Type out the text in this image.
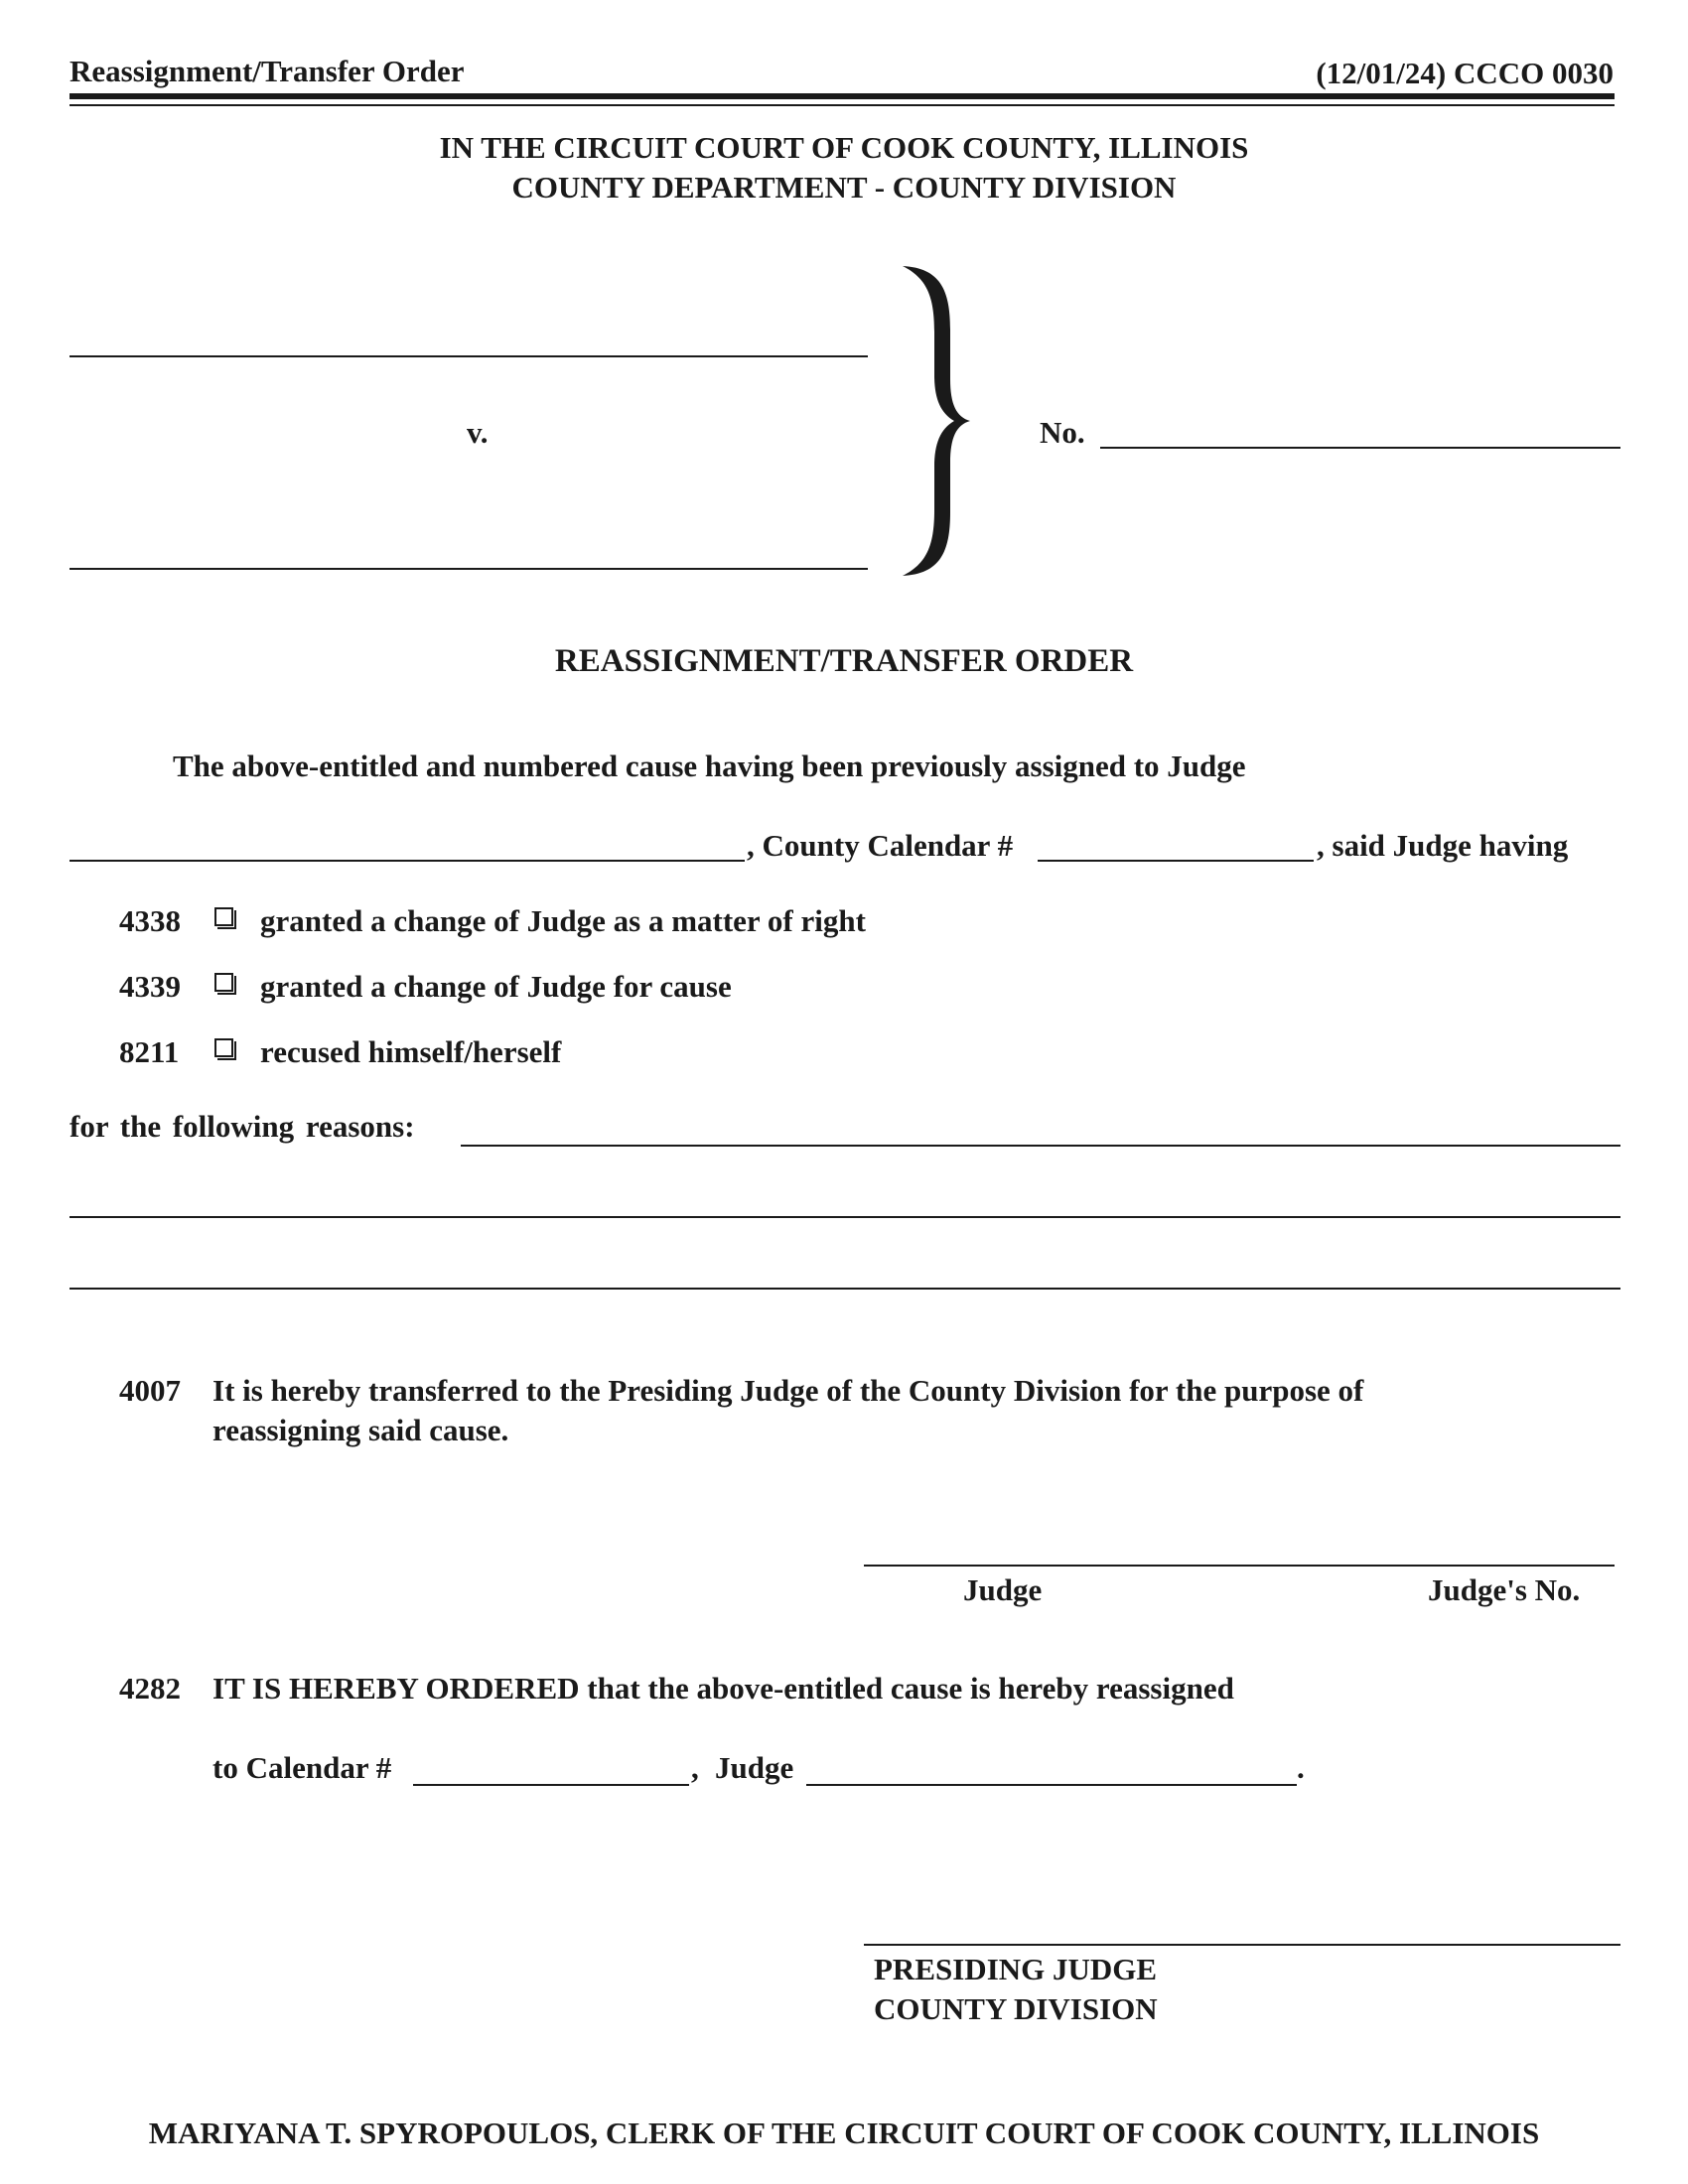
Reassignment/Transfer Order	(12/01/24) CCCO 0030
IN THE CIRCUIT COURT OF COOK COUNTY, ILLINOIS
COUNTY DEPARTMENT - COUNTY DIVISION
v.	No.
REASSIGNMENT/TRANSFER ORDER
The above-entitled and numbered cause having been previously assigned to Judge
, County Calendar #	, said Judge having
4338	granted a change of Judge as a matter of right
4339	granted a change of Judge for cause
8211	recused himself/herself
for the following reasons:
4007 It is hereby transferred to the Presiding Judge of the County Division for the purpose of
reassigning said cause.
Judge	Judge's No.
4282 IT IS HEREBY ORDERED that the above-entitled cause is hereby reassigned
to Calendar #	, Judge	.
PRESIDING JUDGE
COUNTY DIVISION
MARIYANA T. SPYROPOULOS, CLERK OF THE CIRCUIT COURT OF COOK COUNTY, ILLINOIS
